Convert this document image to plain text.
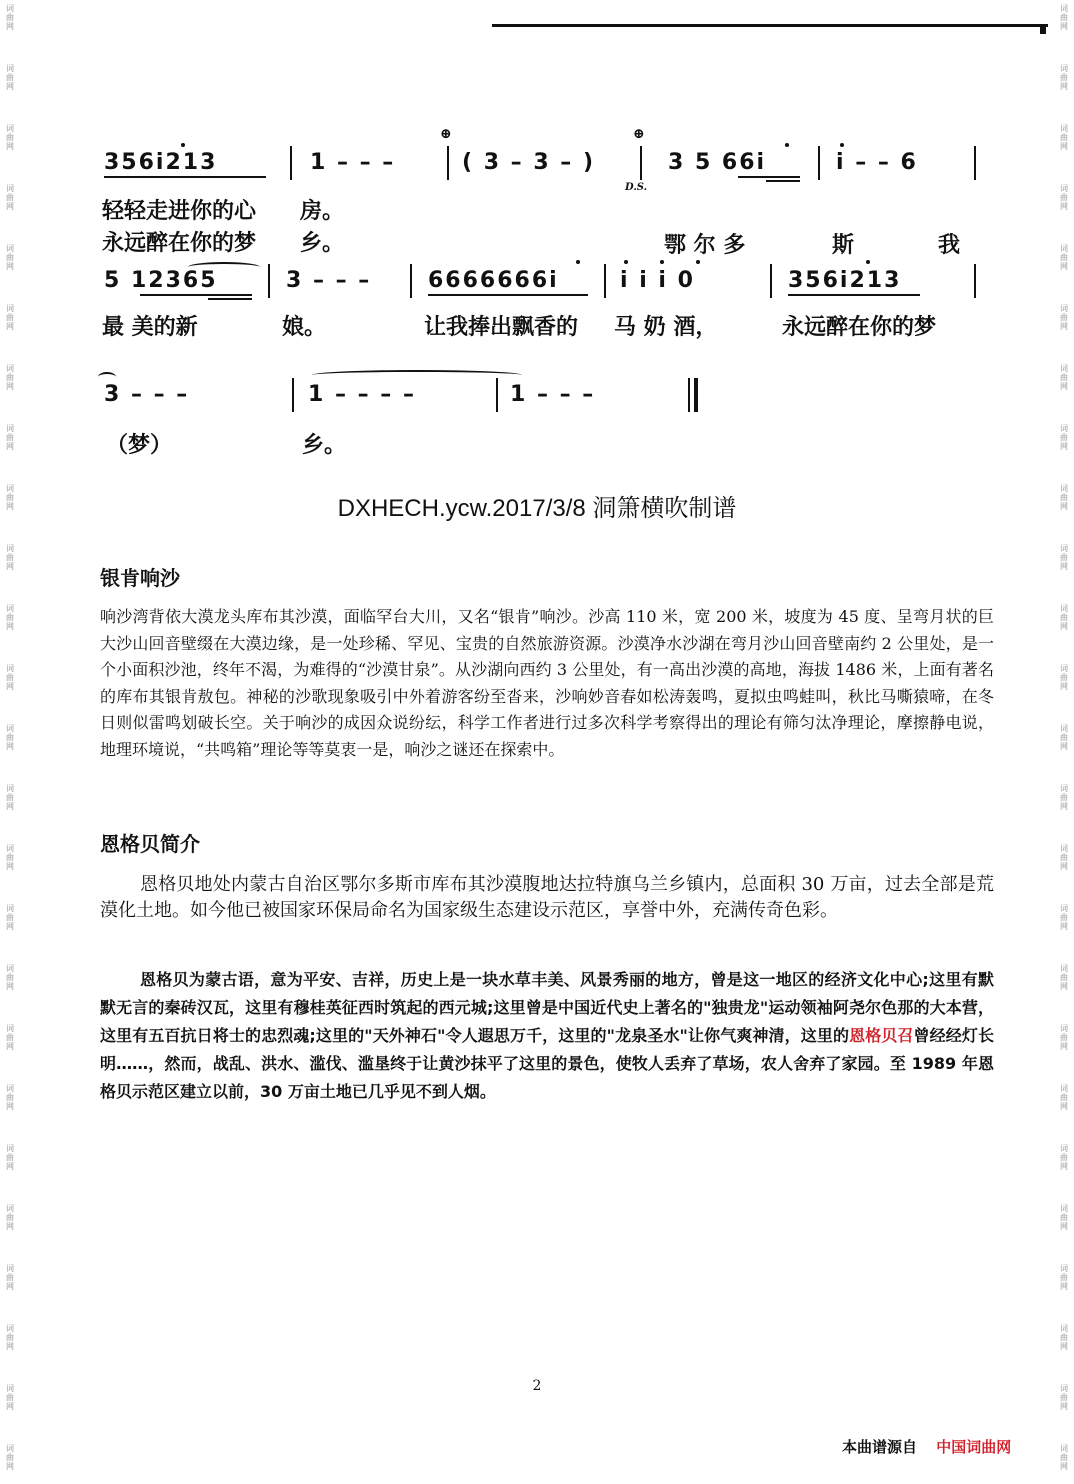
词
曲
网
词
曲
网
词
曲
网
词
曲
网
词
曲
网
词
曲
网
词
曲
网
词
曲
网
词
曲
网
词
曲
网
词
曲
网
词
曲
网
词
曲
网
词
曲
网
词
曲
网
词
曲
网
词
曲
网
词
曲
网
词
曲
网
词
曲
网
词
曲
网
词
曲
网
词
曲
网
词
曲
网
词
曲
网
词
曲
网
词
曲
网
词
曲
网
词
曲
网
词
曲
网
词
曲
网
词
曲
网
词
曲
网
词
曲
网
词
曲
网
词
曲
网
词
曲
网
词
曲
网
词
曲
网
词
曲
网
词
曲
网
词
曲
网
词
曲
网
词
曲
网
词
曲
网
词
曲
网
词
曲
网
词
曲
网
词
曲
网
词
曲
网
356i213	1 – – –
⊕
( 3 – 3 – )
⊕
D.S.
3 5 66i	i – – 6
轻轻走进你的心 房。
永远醉在你的梦 乡。	鄂 尔 多	斯	我
5 12365	3 – – –	6666666i	i i i 0	356i213
最 美的新	娘。	让我捧出飘香的 马 奶 酒，	永远醉在你的梦
3 – – –	1 – – – –	1 – – –
（梦）	乡。
DXHECH.ycw.2017/3/8 洞箫横吹制谱
银肯响沙
响沙湾背依大漠龙头库布其沙漠，面临罕台大川，又名“银肯”响沙。沙高 110 米，宽 200 米，坡度为 45 度、呈弯月状的巨大沙山回音壁缀在大漠边缘，是一处珍稀、罕见、宝贵的自然旅游资源。沙漠净水沙湖在弯月沙山回音壁南约 2 公里处，是一个小面积沙池，终年不渴，为难得的“沙漠甘泉”。从沙湖向西约 3 公里处，有一高出沙漠的高地，海拔 1486 米，上面有著名的库布其银肯敖包。神秘的沙歌现象吸引中外着游客纷至沓来，沙响妙音春如松涛轰鸣，夏拟虫鸣蛙叫，秋比马嘶猿啼，在冬日则似雷鸣划破长空。关于响沙的成因众说纷纭，科学工作者进行过多次科学考察得出的理论有筛匀汰净理论，摩擦静电说，地理环境说，“共鸣箱”理论等等莫衷一是，响沙之谜还在探索中。
恩格贝简介
恩格贝地处内蒙古自治区鄂尔多斯市库布其沙漠腹地达拉特旗乌兰乡镇内，总面积 30 万亩，过去全部是荒漠化土地。如今他已被国家环保局命名为国家级生态建设示范区，享誉中外，充满传奇色彩。
恩格贝为蒙古语，意为平安、吉祥，历史上是一块水草丰美、风景秀丽的地方，曾是这一地区的经济文化中心;这里有默默无言的秦砖汉瓦，这里有穆桂英征西时筑起的西元城;这里曾是中国近代史上著名的"独贵龙"运动领袖阿尧尔色那的大本营，这里有五百抗日将士的忠烈魂;这里的"天外神石"令人遐思万千，这里的"龙泉圣水"让你气爽神清，这里的恩格贝召曾经经灯长明……，然而，战乱、洪水、滥伐、滥垦终于让黄沙抹平了这里的景色，使牧人丢弃了草场，农人舍弃了家园。至 1989 年恩格贝示范区建立以前，30 万亩土地已几乎见不到人烟。
2
本曲谱源自 中国词曲网
